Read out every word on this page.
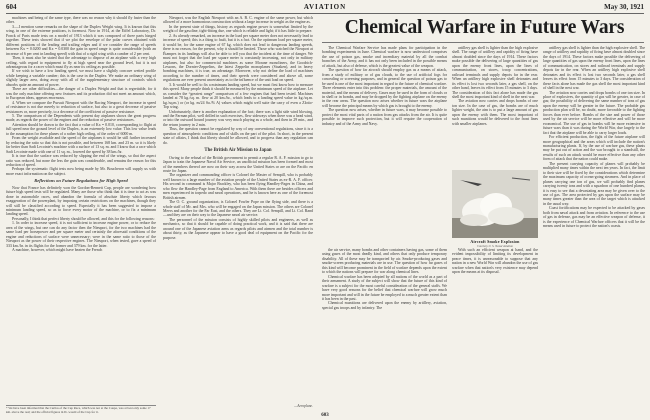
604	AVIATION	May 30, 1921

machines and being of the same type, there was no reason why it should fly faster than the other.

3.—I mention some remarks on the shape of the Duplex Weight wing. It is known that this wing, in one of the extreme positions, is foremost. Now in 1914, at the Eiffel Laboratory, Dr. Fonck of Paris made tests on a model of 1913 which it was composed of three parts hinged together. These tests showed that if we plot the envelope of the polar curves obtained with different positions of the leading and trailing edges and if we consider the range of speeds between Kx = 0.0200 and Kx = 0.0300 the gain in speed range is quite considerable (with an increase of 6 per cent in landing speed) with that of a rigid wing with a camber of 2 per cent.

Then, it must also be stated that the advantage to dispose of an airplane with a very high ceiling, with regard to equipment to fly at high speed near the ground level, but it is not advantageous for a racer which must fly as near its ceiling as possible.

If we wish to have a low landing speed, we must have a slightly concave wetted profile while keeping a variable camber; this is the case in the Duplex. We make an ordinary wing of slightly larger area, doing away with all of the supplementary structure of controls which absorbs quite an amount of power.

There are other difficulties—the danger of a Duplex Weight and that is regrettable, for it was the only machine offering new features and its production did not meet an amount which, to European ideas, appears enormous.

4. When we compare the Pursuit Nieuport with the Racing Nieuport, the increase in speed of resistance is not due merely to reduction of surface, but also to a great decrease of passive resistances or, more precisely, to a decrease of the coefficient of passive resistance.

5. The comparison of the Dependents with present day airplanes shows the great progress made, as regards the power of the engines and the reduction of passive resistances.

Attention should be drawn to the fact that a value of Kx = 0.010, corresponding to flight at full speed near the ground level of the Duplex, is an extremely low value. This low value leads to the assumption for these planes of a rather high ceiling, of the order of 6000 m.

From the weight available and the speed of the airplanes it would be still further increased by reducing the ratio so that this is not possible, and between 168 km. and 23 m. so it is likely far better than Sadi Lecointe's machine with a surface of 13 sq. m. and I know that a race which Sadi Lecointe made with one of 11 sq. m., lowered the speed by 38 km./hr.

It is true that the surface was reduced by slipping the end of the wings, so that the aspect ratio was reduced, but none the less the gain was considerable, and remains the reason for this reduction of speed.

Perhaps the systematic flight tests now being made by Mr. Boucheron will supply us with more exact information on the subject.

Reflections on Future Regulations for High Speed

Now that France has definitely won the Gordon-Bennett Cup, people are wondering how future high speed tests will be regulated. Many are those who think that it is time to act as was done in automobile races, and abandon the formula of absolute liberty which favours exaggeration of the powerplant, by imposing certain restrictions on the machines, though they will still be classified according to speed. Especially it has been suggested to impose a minimum landing speed, so as to force every motor of the machine, or to fix a minimum landing speed.

Personally, I think that perfect liberty should be allowed, and this for the following reasons:

1. In order to increase speed, it is not sufficient to increase engine power, or to reduce the area of the wings, but one can do any factor then the Nieuport, for the two machines had the same load per horsepower and per square meter and certainly the aforesaid conditions of the engine and reductions of surface were unnecessary; were in the same ratio to those of the Nieuport as the power of their respective engines. The Nieuport, when tested, gave a speed of 333 km./hr. in its flights for the former and 379 km. for the latter.

A machine, however, which might have beaten the French

Nieuport, was the English Nieuport with an A. B. C. engine of the same power, but which allowed of a more harmonious construction without a large increase in weight as the engine as.

In the present state of things, history as regards engine power is somewhat limited by the weight of the gasoline, tight-fitting due, one which is reliable and light; if it has little to prepare.

2. As already remarked, an increase in the load per square meter does not necessarily lead to increase of speed; this is a thing to fault, but it is a fact. On the optimum load per square meter, it would be, for the same engine of 67 kg. which does not lead to dangerous landing speeds, there is no reason, for the present, why it should be limited. Those who watched the Nieuport at Étampes in its landings will also be able to tell you that the incident at the time of danger. We must not forget that the load per square meter is constantly increasing, not only in military airplanes, but also for commercial machines as some Morane monoliners, the Goodrich-Lessons, the Dornier-Zeppelins, the latest Zeppelin monoplanes (Staaken), and in heavy bombing machines, it is true, an advantage. Moreover, why not define the load of machines according to the number of times, and their speeds were considered and above all, some regulations are ever present uncertainty as to the influence of the unit load on speed.

3. It would be well to fix a minimum landing speed, but we must first know how to measure this speed. Many people think it should be measured by the minimum speed of the airplane. Let us consider the “greatest range” comparison of a few engines that had been tested. Machines landed at 78 kg./sq. m. flew at 20 km./hr., which leads to a landing speed value in kg./sq.m. kg./sq.m.) or (or kg. m/24 Sa./% A) values which might well suite the carry of even a Zlotto-Top wing.

Unfortunately, there is another explanation of the fact; there was a light side wind blowing, and the Farman pilot, well drilled in such exercises, flew sideways when there was a head wind, or into the outward bound journey was very much playing as a whole, and then in 29 min., and the return journey in 2 min.

Thus, the question cannot be regulated by way of any conventional regulations, since it is a question of atmospheric conditions and of skills on the part of the pilot. In short, in the present state of affairs, I think that liberty should be allowed, and to progress than any regulation can do.

The British Air Mission to Japan

Owing to the refusal of the British government to permit a regular R. A. F. mission to go to Japan to train the Japanese Naval Air Service, an unofficial mission has been formed and most of the members thereof are now on their way across the United States or are on the Pacific en route for Japan.

The organizer and commanding officer is Colonel the Master of Sempill, who is probably well known to a large number of the aviation people of the United States as ex-R. A. F. officer. His second in command is Major Brackley, who has been flying Handley-Pages in China, and who flew the Handley-Page from England to America. With them there are besides officers and men experienced in torpedo and naval operations, and he is known here as one of the foremost British airmen.

The O. C. ground organization, is Colonel Fowler Pope on the flying side, and there is a whole staff of Mr. and Mrs. who will be engaged on the Japan mission. The others are Colonel Meers and another for the Far East, and the others. They are Lt. Col. Sempill, and Lt. Col. Rand—and they are on their way to the Japanese naval air service.

The personnel of the mission consists of highly skilled pilots and engineers, as well as mechanics, so that it should be capable of doing practical work, and it is said that there are around one of the Japanese aviation arms as regards pilots and airmen and the total number is about thirty, as the Japanese appear to have a good deal of equipment on the Pacific for the purpose.

* We have been informed that the Curtiss of the Cup Race, which was not at the Coupe, was at best only some 17 km. above the real; and the official figures in Ib. would of the Cup for it.
—Aeroplane.
Chemical Warfare in Future Wars

The Chemical Warfare Service has made plans for participation in the bombing experiments in June. Chemical warfare is now understood comprises the use of poison gas, smoke and incendiary material by all the combat branches of the Army, and it has not only been included in the possible means of attack, but also of defense, which is the greatest value of the weapon.

The question of how far aircraft should employ gas as a means of attack, from a study of military or of gas clouds, to the use of artificial fogs for concealing or screening purposes, and in general the question of poison gas to be used is one of the most important in regard to the future of chemical warfare. Three elements enter into this problem: the proper materials, the amount of the material, and the means of delivery. Gases may be used in the form of clouds or in shell or in bombs, and may be dropped by the fighting airplane on the enemy in the rear areas. The question now arises whether in future wars the airplane will become the principal means by which gas is brought to the enemy.

The question now arises, whether in future wars, it may become possible to protect the most vital parts of a nation from gas attacks from the air. It is quite possible to improve such protection, but it will require the cooperation of industry and of the Army and Navy.

artillery gas shell is lighter than the high explosive shell. The range of artillery and rapidity of firing have almost doubled since the days of 1914. These factors make possible the delivering of large quantities of gas upon the enemy front lines, upon the lines of communication, on stores, troop concentrations, railroad terminals and supply depots far in the rear. When an artillery high explosive shell detonates and its effect is lost two seconds later, a gas shell, on the other hand, leaves its effect from 15 minutes to 3 days. The consideration of this fact alone has made the gas shell the most important kind of shell in the next war.

The aviation now carries and drops bombs of one ton size. In the case of gas, the bombs are of much lighter weight, the aim is to put a large amount of gas upon the enemy with them. The most important of such munitions would be delivered to the front lines with smaller airplanes.

artillery gas shell is lighter than the high explosive shell. The range of artillery and rapidity of firing have almost doubled since the days of 1914. These factors make possible the delivering of large quantities of gas upon the enemy front lines, upon the lines of communication, on stores and railroad terminals and supply depots far in the rear. When an artillery high explosive shell detonates and its effect is lost two seconds later, a gas shell leaves its effect from 15 minutes to 3 days. The consideration of these facts alone has made the gas shell the most important kind of shell in the next war.

The aviation now carries and drops bombs of one ton size. In place of explosives, the quantity of gas will be greater, in case of gas; the possibility of delivering the same number of tons of gas upon the enemy will be greater in the future. The probable gas production plan will be, no doubt, more favorable to the fighting forces than ever before. Bombs of the size and power of those used by the air service will be more effective and will be more economical. The use of gas in bombs will be more extensive in future wars than it was during the World War, due largely to the fact that the airplane will be able to carry larger loads.

For efficient production, the fight of the future airplane will more geographical and the areas which will include the nation's manufacturing plants. If, by the use of warfare gas, these plants may be put out of action and the war brought to a standstill, the results of such an attack would be more effective than any other form of attack that the nation could make.

The present carrying capacity of planes will probably be multiplied many times within the next ten years. In fact, the limit to their size will be fixed by the considerations which determine the maximum capacity of ocean-going steamers. And in place of planes carrying one ton of gas, we will probably find planes carrying twenty tons and with a squadron of one hundred planes, it is easy to see that a devastating area may be given over to the use of gas. The area protected by gas upon the surface may be many times greater than the area of the target which is attacked in the usual way.

Coast fortifications may be expected to be attacked by gases both from naval attack and from aviation. In reference to the use of gas in defense, gas may be an effective weapon of defense, it is the experience of Chemical Warfare officers that it will be the means used in future to protect the nation's coasts.

Aircraft Smoke Explosion
Courtesy U. S. Naval Aviation

the air service, many bombs and other containers having gas, some of them using gases of the most deadly kind, and others that only produce temporary disability. All of these may be transported by air. Smoke-producing gases and smoke-screen producing materials are in use. The question of how far gases of this kind will become prominent in the field of warfare depends upon the extent to which the nations will prepare for war along chemical lines.

Chemical warfare has been adopted by all nations of the world as a part of their armament. A study of the subject will show that the future of this kind of warfare is a subject for the most careful consideration of the general staffs. We have very good reasons for the belief that chemical warfare will grow much more important and will in the future be employed to a much greater extent than it has been in the past.

Chemical munitions are delivered upon the enemy by artillery, aviation, special gas troops and by infantry. The

With such an efficient weapon at hand, and the evident impossibility of limiting its development in peace times, it is unreasonable to suppose that any nation in a new World War will abandon the use of gas warfare when that nation's very existence may depend upon the means at its disposal.

603
